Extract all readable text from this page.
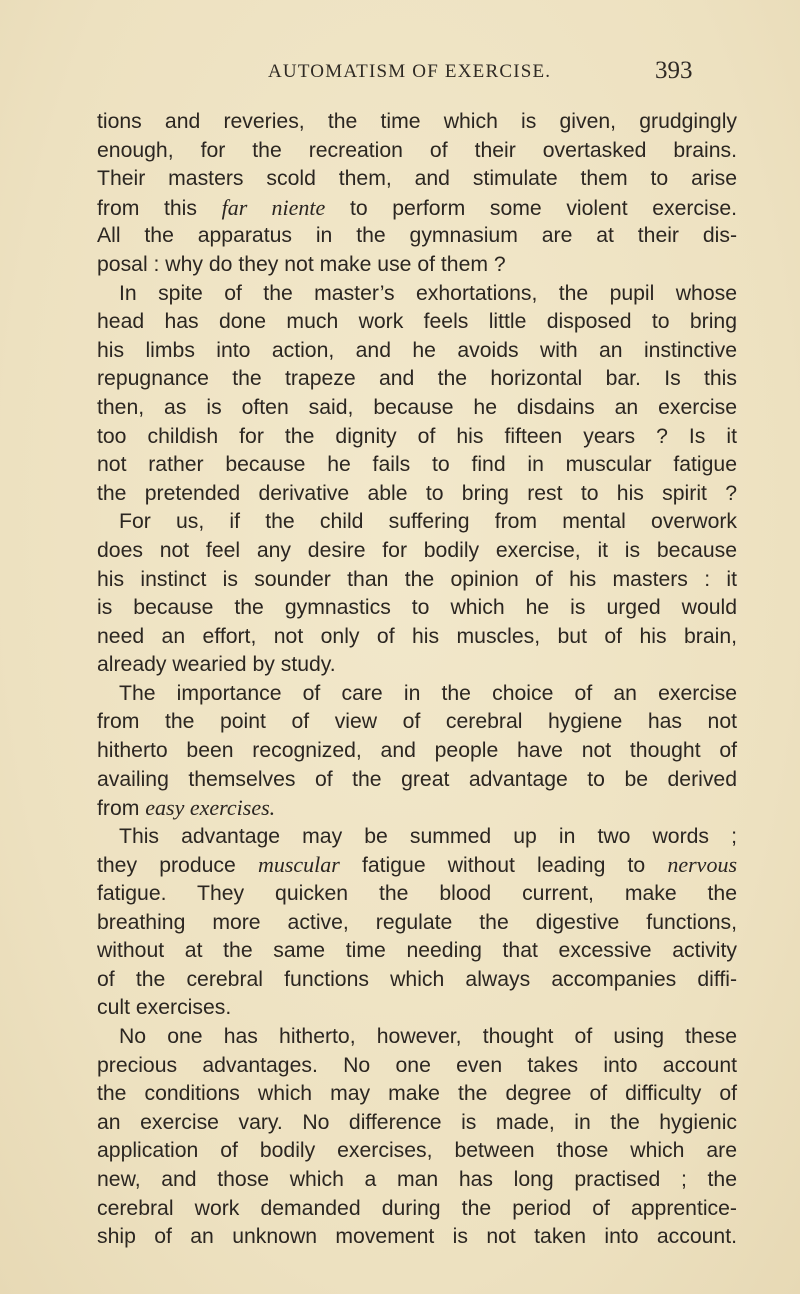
AUTOMATISM OF EXERCISE.	393
tions and reveries, the time which is given, grudgingly
enough, for the recreation of their overtasked brains.
Their masters scold them, and stimulate them to arise
from this far niente to perform some violent exercise.
All the apparatus in the gymnasium are at their dis-
posal : why do they not make use of them ?
In spite of the master’s exhortations, the pupil whose
head has done much work feels little disposed to bring
his limbs into action, and he avoids with an instinctive
repugnance the trapeze and the horizontal bar. Is this
then, as is often said, because he disdains an exercise
too childish for the dignity of his fifteen years ? Is it
not rather because he fails to find in muscular fatigue
the pretended derivative able to bring rest to his spirit ?
For us, if the child suffering from mental overwork
does not feel any desire for bodily exercise, it is because
his instinct is sounder than the opinion of his masters : it
is because the gymnastics to which he is urged would
need an effort, not only of his muscles, but of his brain,
already wearied by study.
The importance of care in the choice of an exercise
from the point of view of cerebral hygiene has not
hitherto been recognized, and people have not thought of
availing themselves of the great advantage to be derived
from easy exercises.
This advantage may be summed up in two words ;
they produce muscular fatigue without leading to nervous
fatigue. They quicken the blood current, make the
breathing more active, regulate the digestive functions,
without at the same time needing that excessive activity
of the cerebral functions which always accompanies diffi-
cult exercises.
No one has hitherto, however, thought of using these
precious advantages. No one even takes into account
the conditions which may make the degree of difficulty of
an exercise vary. No difference is made, in the hygienic
application of bodily exercises, between those which are
new, and those which a man has long practised ; the
cerebral work demanded during the period of apprentice-
ship of an unknown movement is not taken into account.
